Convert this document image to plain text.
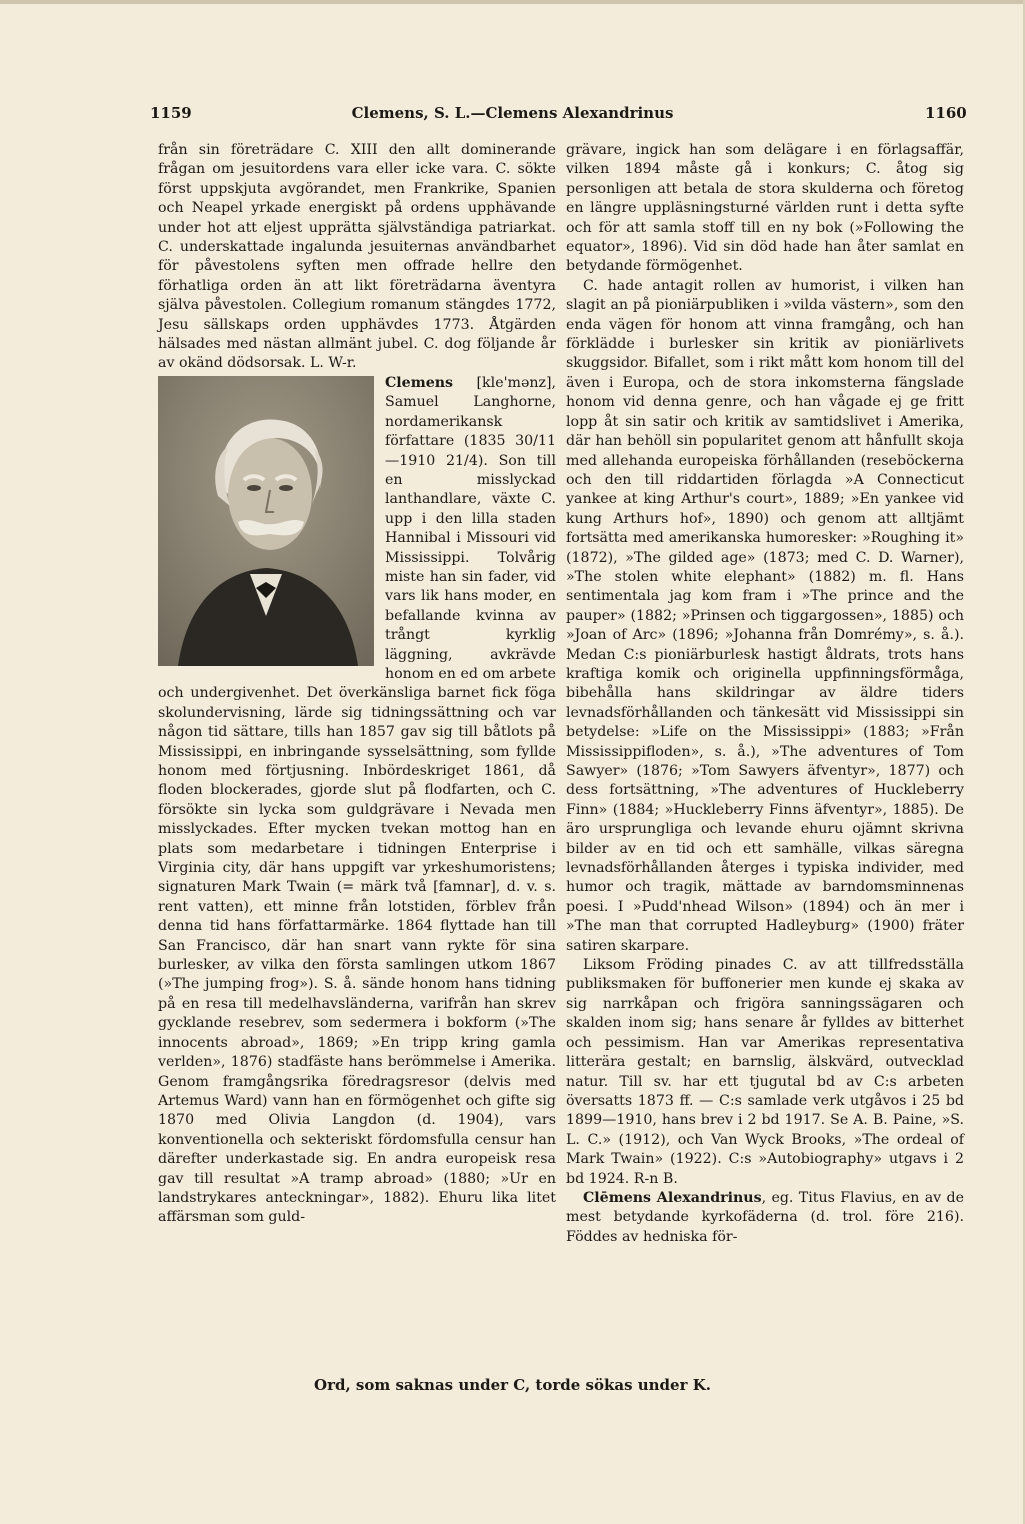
1159	Clemens, S. L.—Clemens Alexandrinus	1160

från sin företrädare C. XIII den allt dominerande frågan om jesuitordens vara eller icke vara. C. sökte först uppskjuta avgörandet, men Frankrike, Spanien och Neapel yrkade energiskt på ordens upphävande under hot att eljest upprätta självständiga patriarkat. C. underskattade ingalunda jesuiternas användbarhet för påvestolens syften men offrade hellre den förhatliga orden än att likt företrädarna äventyra själva påvestolen. Collegium romanum stängdes 1772, Jesu sällskaps orden upphävdes 1773. Åtgärden hälsades med nästan allmänt jubel. C. dog följande år av okänd dödsorsak. L. W-r.

Clemens [kle'mənz], Samuel Langhorne, nordamerikansk författare (1835 30/11—1910 21/4). Son till en misslyckad lanthandlare, växte C. upp i den lilla staden Hannibal i Missouri vid Mississippi. Tolvårig miste han sin fader, vid vars lik hans moder, en befallande kvinna av trångt kyrklig läggning, avkrävde honom en ed om arbete och undergivenhet. Det överkänsliga barnet fick föga skolundervisning, lärde sig tidningssättning och var någon tid sättare, tills han 1857 gav sig till båtlots på Mississippi, en inbringande sysselsättning, som fyllde honom med förtjusning. Inbördeskriget 1861, då floden blockerades, gjorde slut på flodfarten, och C. försökte sin lycka som guldgrävare i Nevada men misslyckades. Efter mycken tvekan mottog han en plats som medarbetare i tidningen Enterprise i Virginia city, där hans uppgift var yrkeshumoristens; signaturen Mark Twain (= märk två [famnar], d. v. s. rent vatten), ett minne från lotstiden, förblev från denna tid hans författarmärke. 1864 flyttade han till San Francisco, där han snart vann rykte för sina burlesker, av vilka den första samlingen utkom 1867 (»The jumping frog»). S. å. sände honom hans tidning på en resa till medelhavsländerna, varifrån han skrev gycklande resebrev, som sedermera i bokform (»The innocents abroad», 1869; »En tripp kring gamla verlden», 1876) stadfäste hans berömmelse i Amerika. Genom framgångsrika föredragsresor (delvis med Artemus Ward) vann han en förmögenhet och gifte sig 1870 med Olivia Langdon (d. 1904), vars konventionella och sekteriskt fördomsfulla censur han därefter underkastade sig. En andra europeisk resa gav till resultat »A tramp abroad» (1880; »Ur en landstrykares anteckningar», 1882). Ehuru lika litet affärsman som guld-

grävare, ingick han som delägare i en förlagsaffär, vilken 1894 måste gå i konkurs; C. åtog sig personligen att betala de stora skulderna och företog en längre uppläsningsturné världen runt i detta syfte och för att samla stoff till en ny bok (»Following the equator», 1896). Vid sin död hade han åter samlat en betydande förmögenhet.

C. hade antagit rollen av humorist, i vilken han slagit an på pioniärpubliken i »vilda västern», som den enda vägen för honom att vinna framgång, och han förklädde i burlesker sin kritik av pioniärlivets skuggsidor. Bifallet, som i rikt mått kom honom till del även i Europa, och de stora inkomsterna fängslade honom vid denna genre, och han vågade ej ge fritt lopp åt sin satir och kritik av samtidslivet i Amerika, där han behöll sin popularitet genom att hånfullt skoja med allehanda europeiska förhållanden (reseböckerna och den till riddartiden förlagda »A Connecticut yankee at king Arthur's court», 1889; »En yankee vid kung Arthurs hof», 1890) och genom att alltjämt fortsätta med amerikanska humoresker: »Roughing it» (1872), »The gilded age» (1873; med C. D. Warner), »The stolen white elephant» (1882) m. fl. Hans sentimentala jag kom fram i »The prince and the pauper» (1882; »Prinsen och tiggargossen», 1885) och »Joan of Arc» (1896; »Johanna från Domrémy», s. å.). Medan C:s pioniärburlesk hastigt åldrats, trots hans kraftiga komik och originella uppfinningsförmåga, bibehålla hans skildringar av äldre tiders levnadsförhållanden och tänkesätt vid Mississippi sin betydelse: »Life on the Mississippi» (1883; »Från Mississippifloden», s. å.), »The adventures of Tom Sawyer» (1876; »Tom Sawyers äfventyr», 1877) och dess fortsättning, »The adventures of Huckleberry Finn» (1884; »Huckleberry Finns äfventyr», 1885). De äro ursprungliga och levande ehuru ojämnt skrivna bilder av en tid och ett samhälle, vilkas säregna levnadsförhållanden återges i typiska individer, med humor och tragik, mättade av barndomsminnenas poesi. I »Pudd'nhead Wilson» (1894) och än mer i »The man that corrupted Hadleyburg» (1900) fräter satiren skarpare.

Liksom Fröding pinades C. av att tillfredsställa publiksmaken för buffonerier men kunde ej skaka av sig narrkåpan och frigöra sanningssägaren och skalden inom sig; hans senare år fylldes av bitterhet och pessimism. Han var Amerikas representativa litterära gestalt; en barnslig, älskvärd, outvecklad natur. Till sv. har ett tjugutal bd av C:s arbeten översatts 1873 ff. — C:s samlade verk utgåvos i 25 bd 1899—1910, hans brev i 2 bd 1917. Se A. B. Paine, »S. L. C.» (1912), och Van Wyck Brooks, »The ordeal of Mark Twain» (1922). C:s »Autobiography» utgavs i 2 bd 1924. R-n B.

Clēmens Alexandrinus, eg. Titus Flavius, en av de mest betydande kyrkofäderna (d. trol. före 216). Föddes av hedniska för-

Ord, som saknas under C, torde sökas under K.
